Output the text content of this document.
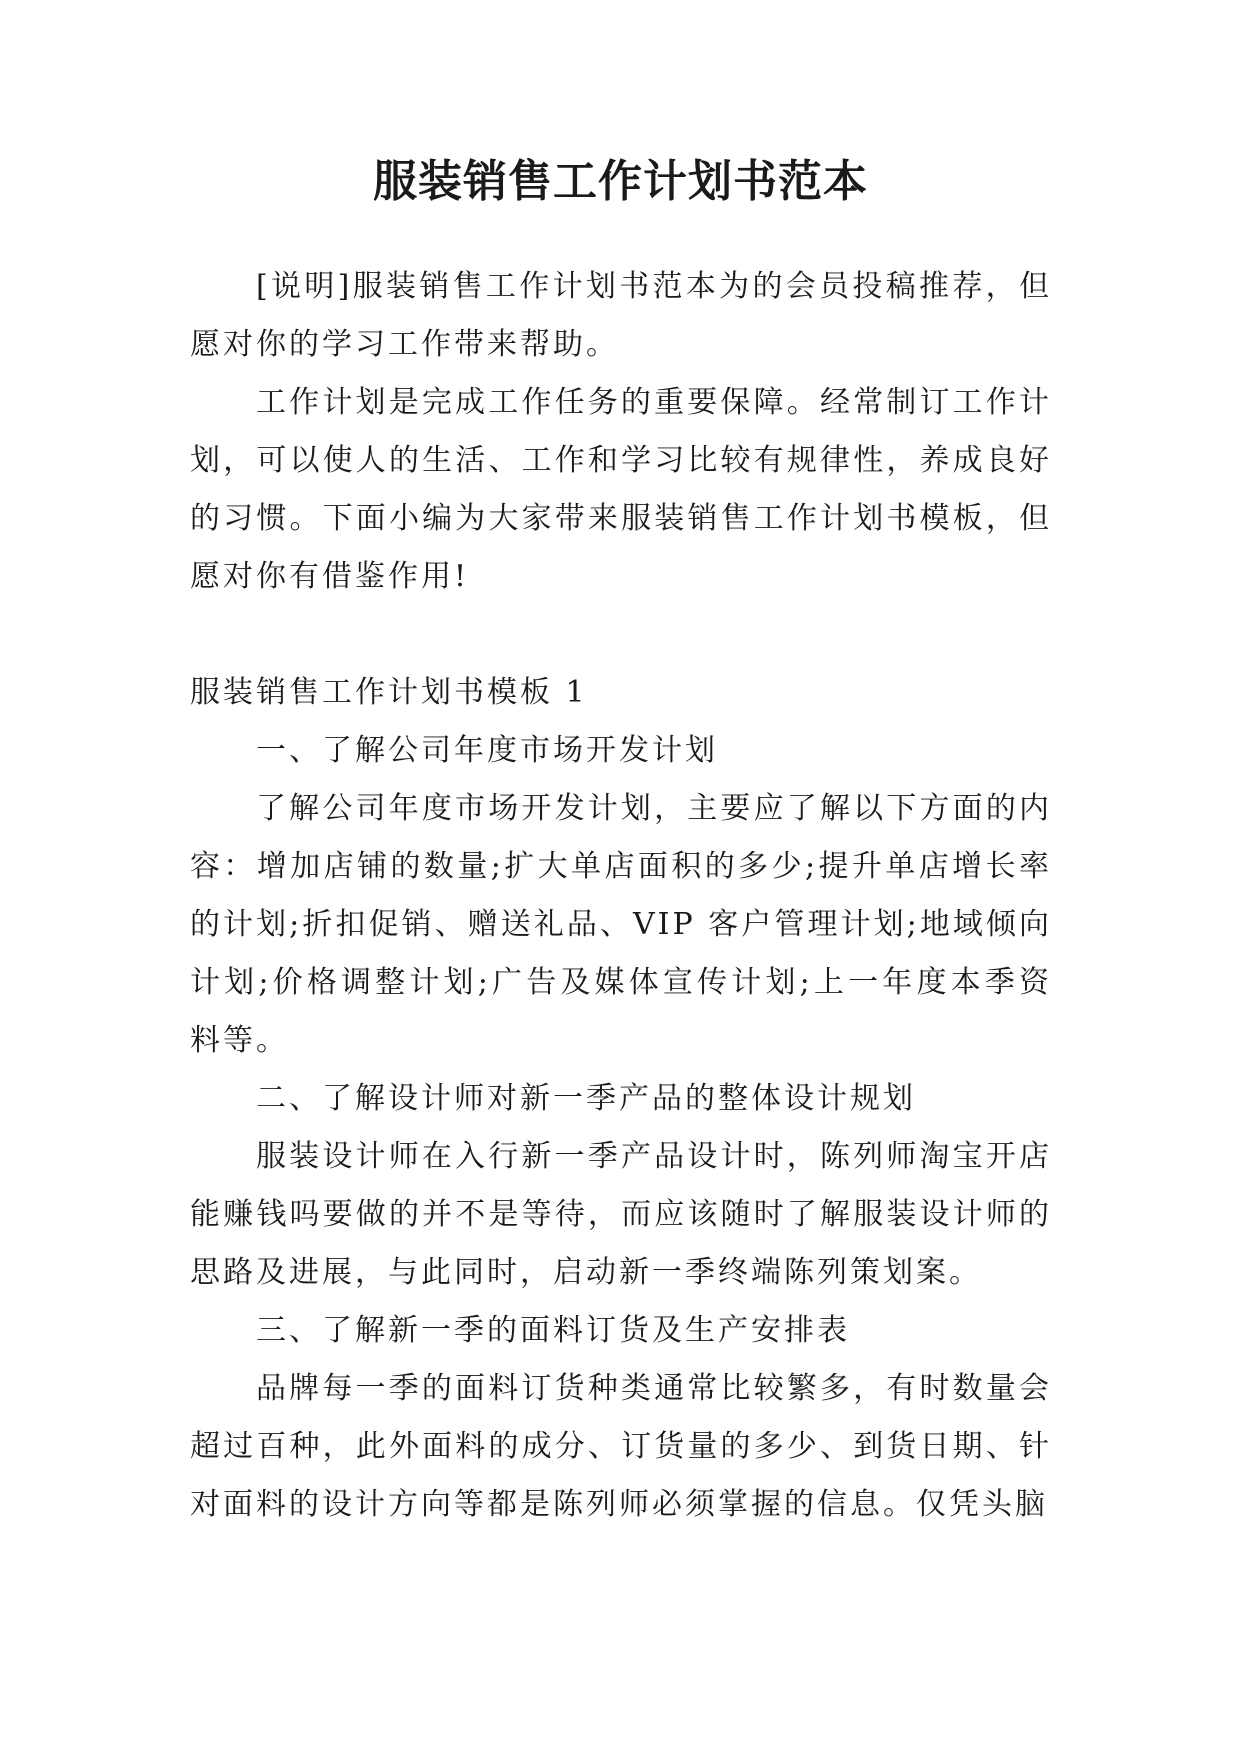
服装销售工作计划书范本

[说明]服装销售工作计划书范本为的会员投稿推荐，但愿对你的学习工作带来帮助。

工作计划是完成工作任务的重要保障。经常制订工作计划，可以使人的生活、工作和学习比较有规律性，养成良好的习惯。下面小编为大家带来服装销售工作计划书模板，但愿对你有借鉴作用!

服装销售工作计划书模板 1

一、了解公司年度市场开发计划

了解公司年度市场开发计划，主要应了解以下方面的内容：增加店铺的数量;扩大单店面积的多少;提升单店增长率的计划;折扣促销、赠送礼品、VIP 客户管理计划;地域倾向计划;价格调整计划;广告及媒体宣传计划;上一年度本季资料等。

二、了解设计师对新一季产品的整体设计规划

服装设计师在入行新一季产品设计时，陈列师淘宝开店能赚钱吗要做的并不是等待，而应该随时了解服装设计师的思路及进展，与此同时，启动新一季终端陈列策划案。

三、了解新一季的面料订货及生产安排表

品牌每一季的面料订货种类通常比较繁多，有时数量会超过百种，此外面料的成分、订货量的多少、到货日期、针对面料的设计方向等都是陈列师必须掌握的信息。仅凭头脑
